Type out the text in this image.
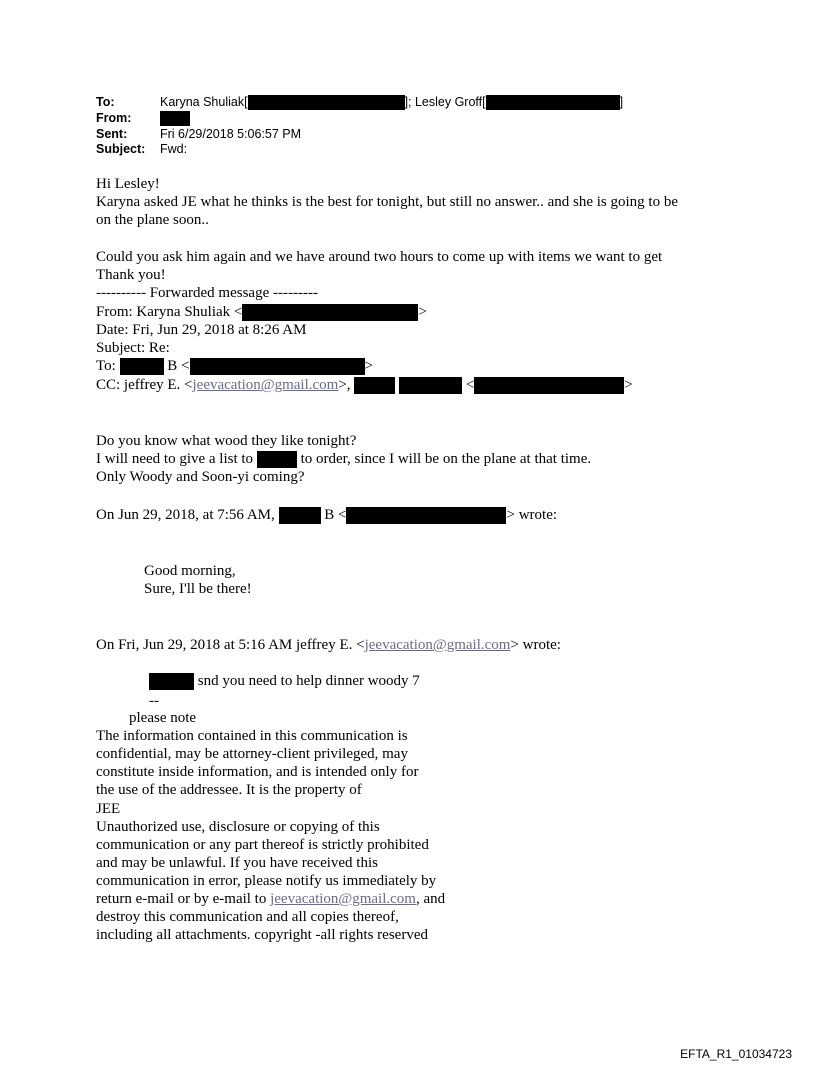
To:	Karyna Shuliak[	]; Lesley Groff[	]
From:
Sent:	Fri 6/29/2018 5:06:57 PM
Subject: Fwd:
Hi Lesley!
Karyna asked JE what he thinks is the best for tonight, but still no answer.. and she is going to be
on the plane soon..
Could you ask him again and we have around two hours to come up with items we want to get
Thank you!
---------- Forwarded message ---------
From: Karyna Shuliak <	>
Date: Fri, Jun 29, 2018 at 8:26 AM
Subject: Re:
To:	B <	>
CC: jeffrey E. <jeevacation@gmail.com>,	<	>
Do you know what wood they like tonight?
I will need to give a list to	to order, since I will be on the plane at that time.
Only Woody and Soon-yi coming?
On Jun 29, 2018, at 7:56 AM,	B <	> wrote:
Good morning,
Sure, I'll be there!
On Fri, Jun 29, 2018 at 5:16 AM jeffrey E. <jeevacation@gmail.com> wrote:
snd you need to help dinner woody 7
--
please note
The information contained in this communication is
confidential, may be attorney-client privileged, may
constitute inside information, and is intended only for
the use of the addressee. It is the property of
JEE
Unauthorized use, disclosure or copying of this
communication or any part thereof is strictly prohibited
and may be unlawful. If you have received this
communication in error, please notify us immediately by
return e-mail or by e-mail to jeevacation@gmail.com, and
destroy this communication and all copies thereof,
including all attachments. copyright -all rights reserved
EFTA_R1_01034723
